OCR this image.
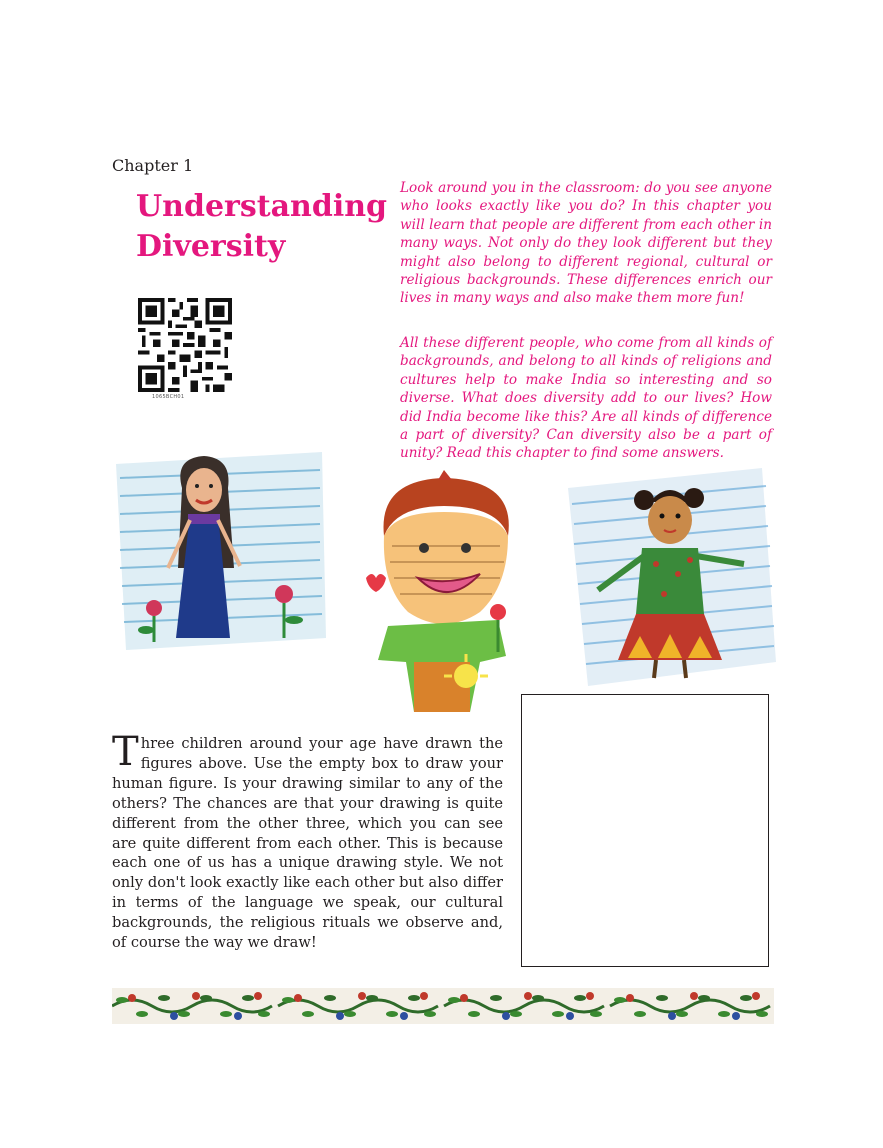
Chapter 1
Understanding
Diversity
1065BCH01

Look around you in the classroom: do you see anyone who looks exactly like you do? In this chapter you will learn that people are different from each other in many ways. Not only do they look different but they might also belong to different regional, cultural or religious backgrounds. These differences enrich our lives in many ways and also make them more fun!

All these different people, who come from all kinds of backgrounds, and belong to all kinds of religions and cultures help to make India so interesting and so diverse. What does diversity add to our lives? How did India become like this? Are all kinds of difference a part of diversity? Can diversity also be a part of unity? Read this chapter to find some answers.

Three children around your age have drawn the figures above. Use the empty box to draw your human figure. Is your drawing similar to any of the others? The chances are that your drawing is quite different from the other three, which you can see are quite different from each other. This is because each one of us has a unique drawing style. We not only don't look exactly like each other but also differ in terms of the language we speak, our cultural backgrounds, the religious rituals we observe and, of course the way we draw!
